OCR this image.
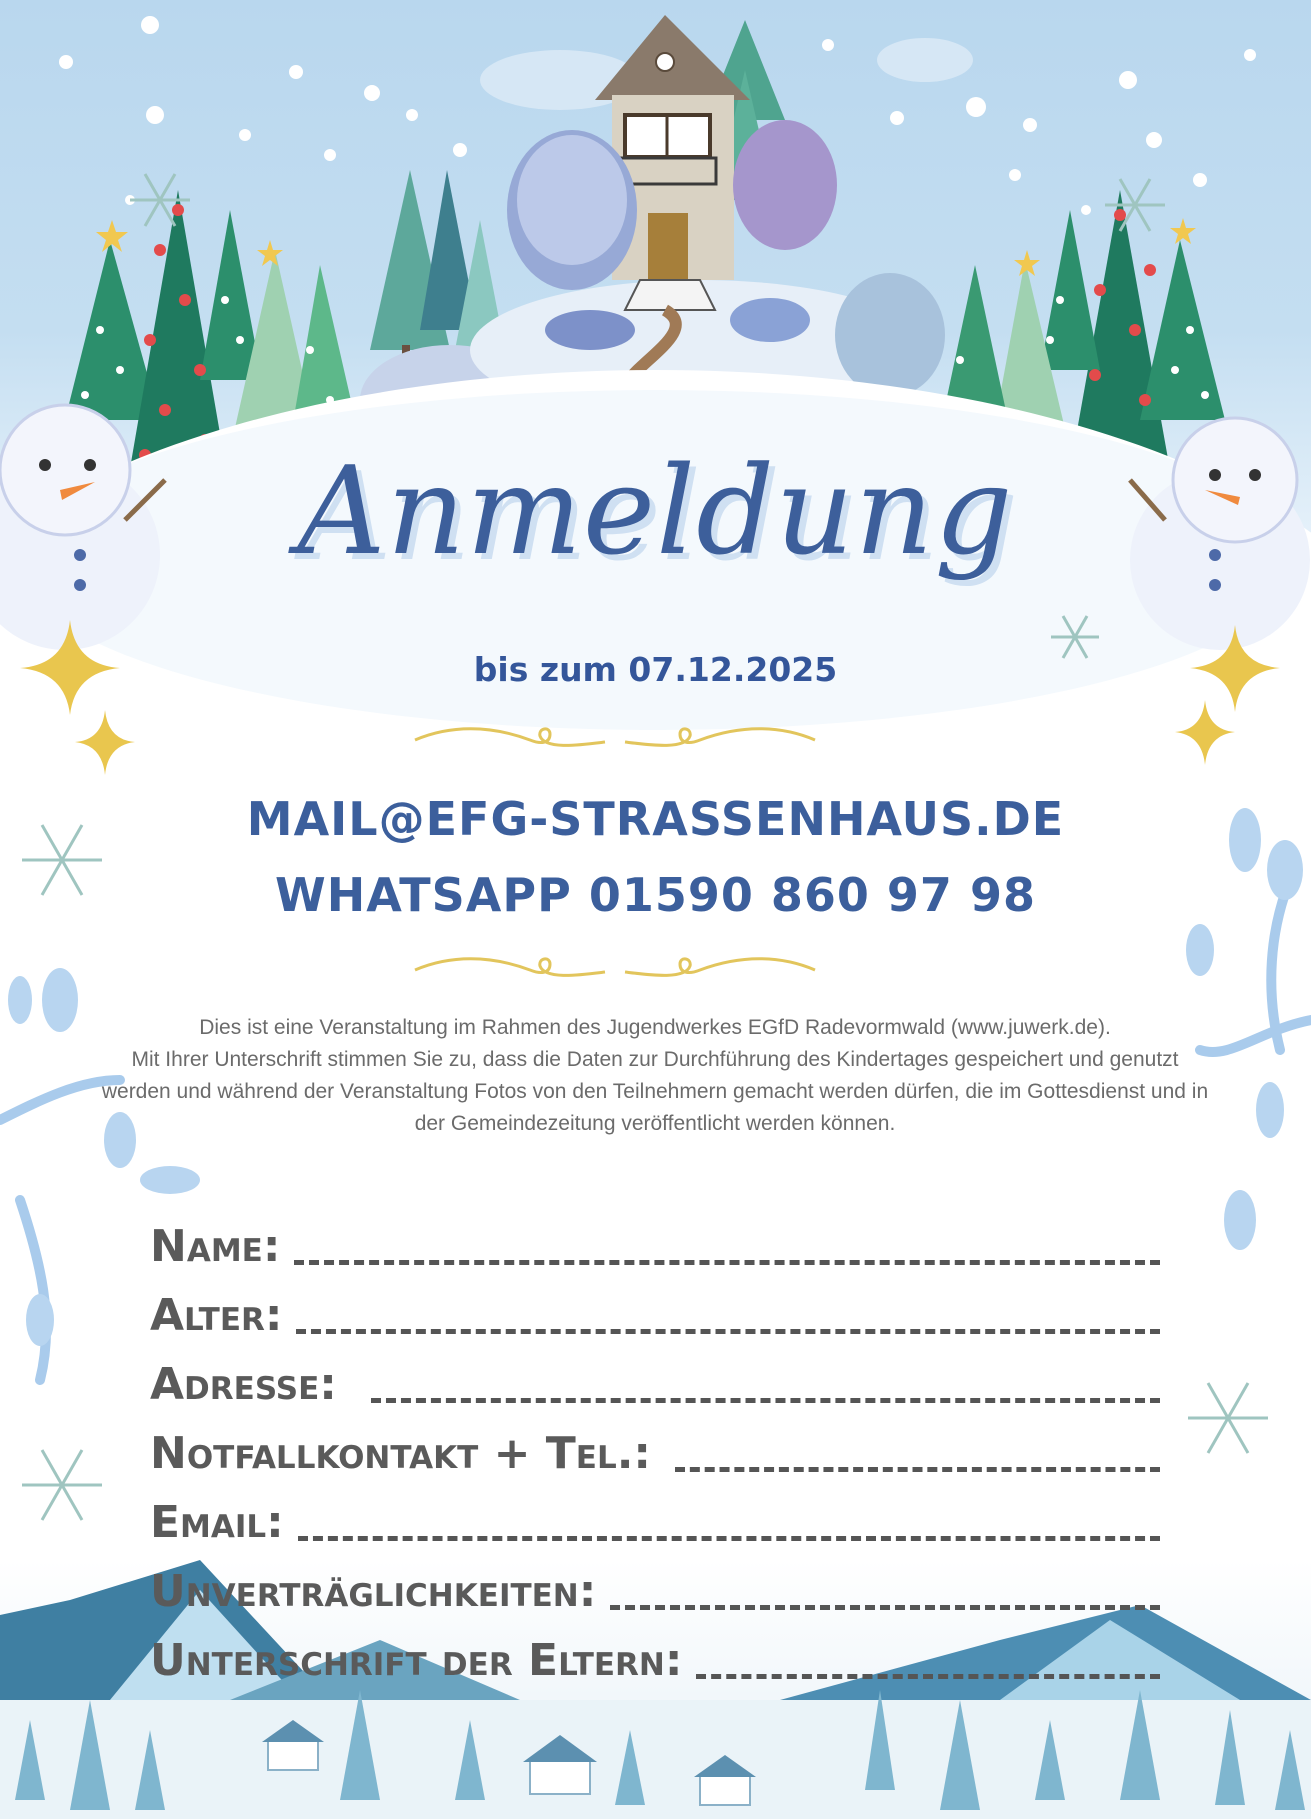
Anmeldung
bis zum 07.12.2025
MAIL@EFG-STRASSENHAUS.DE
WHATSAPP 01590 860 97 98

Dies ist eine Veranstaltung im Rahmen des Jugendwerkes EGfD Radevormwald (www.juwerk.de).

Mit Ihrer Unterschrift stimmen Sie zu, dass die Daten zur Durchführung des Kindertages gespeichert und genutzt werden und während der Veranstaltung Fotos von den Teilnehmern gemacht werden dürfen, die im Gottesdienst und in der Gemeindezeitung veröffentlicht werden können.

Name:
Alter:
Adresse:
Notfallkontakt + Tel.:
Email:
Unverträglichkeiten:
Unterschrift der Eltern:
